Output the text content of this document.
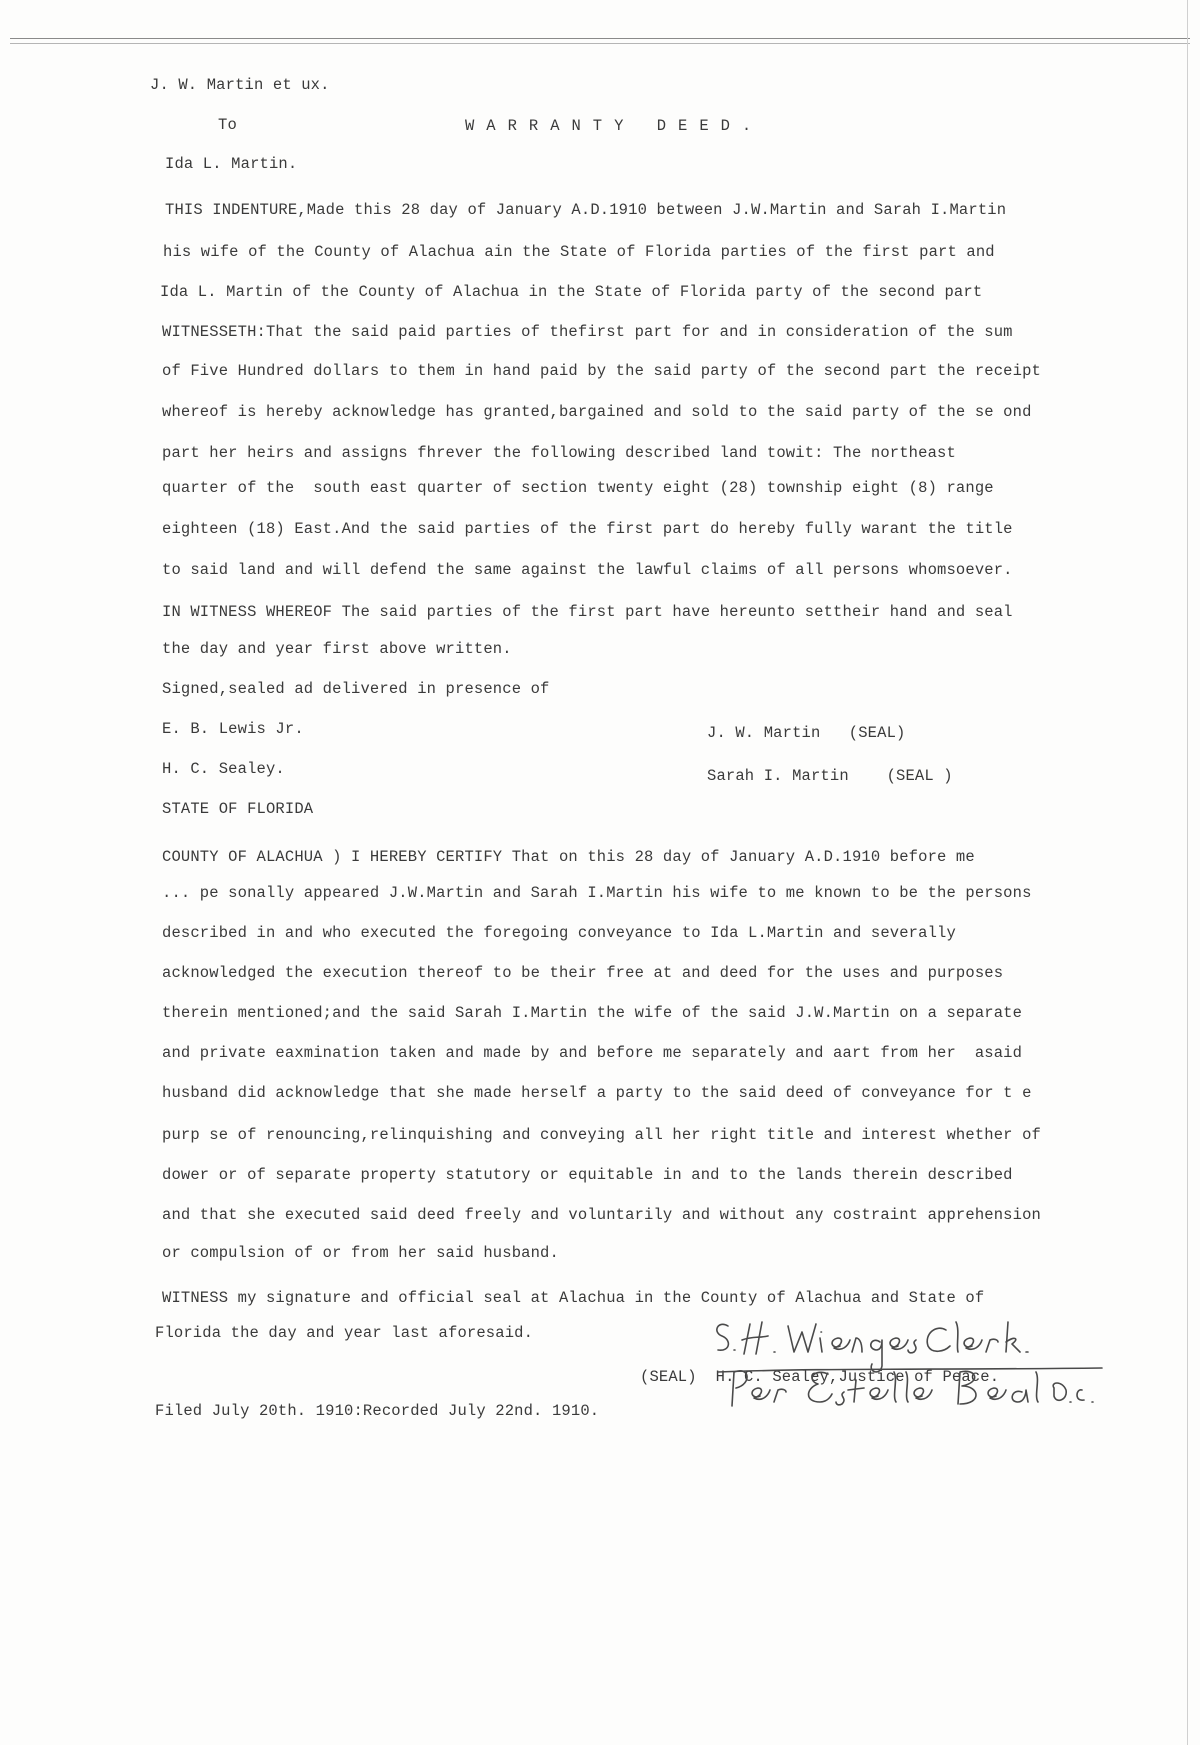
J. W. Martin et ux.
To	WARRANTY DEED.
Ida L. Martin.
THIS INDENTURE,Made this 28 day of January A.D.1910 between J.W.Martin and Sarah I.Martin
his wife of the County of Alachua ain the State of Florida parties of the first part and
Ida L. Martin of the County of Alachua in the State of Florida party of the second part
WITNESSETH:That the said paid parties of thefirst part for and in consideration of the sum
of Five Hundred dollars to them in hand paid by the said party of the second part the receipt
whereof is hereby acknowledge has granted,bargained and sold to the said party of the se ond
part her heirs and assigns fhrever the following described land towit: The northeast
quarter of the  south east quarter of section twenty eight (28) township eight (8) range
eighteen (18) East.And the said parties of the first part do hereby fully warant the title
to said land and will defend the same against the lawful claims of all persons whomsoever.
IN WITNESS WHEREOF The said parties of the first part have hereunto settheir hand and seal
the day and year first above written.
Signed,sealed ad delivered in presence of
E. B. Lewis Jr.
H. C. Sealey.
J. W. Martin   (SEAL)
Sarah I. Martin    (SEAL )
STATE OF FLORIDA
COUNTY OF ALACHUA ) I HEREBY CERTIFY That on this 28 day of January A.D.1910 before me
... pe sonally appeared J.W.Martin and Sarah I.Martin his wife to me known to be the persons
described in and who executed the foregoing conveyance to Ida L.Martin and severally
acknowledged the execution thereof to be their free at and deed for the uses and purposes
therein mentioned;and the said Sarah I.Martin the wife of the said J.W.Martin on a separate
and private eaxmination taken and made by and before me separately and aart from her  asaid
husband did acknowledge that she made herself a party to the said deed of conveyance for t e
purp se of renouncing,relinquishing and conveying all her right title and interest whether of
dower or of separate property statutory or equitable in and to the lands therein described
and that she executed said deed freely and voluntarily and without any costraint apprehension
or compulsion of or from her said husband.
WITNESS my signature and official seal at Alachua in the County of Alachua and State of
Florida the day and year last aforesaid.
(SEAL)  H. C. Sealey,Justice of Peace.
Filed July 20th. 1910:Recorded July 22nd. 1910.
